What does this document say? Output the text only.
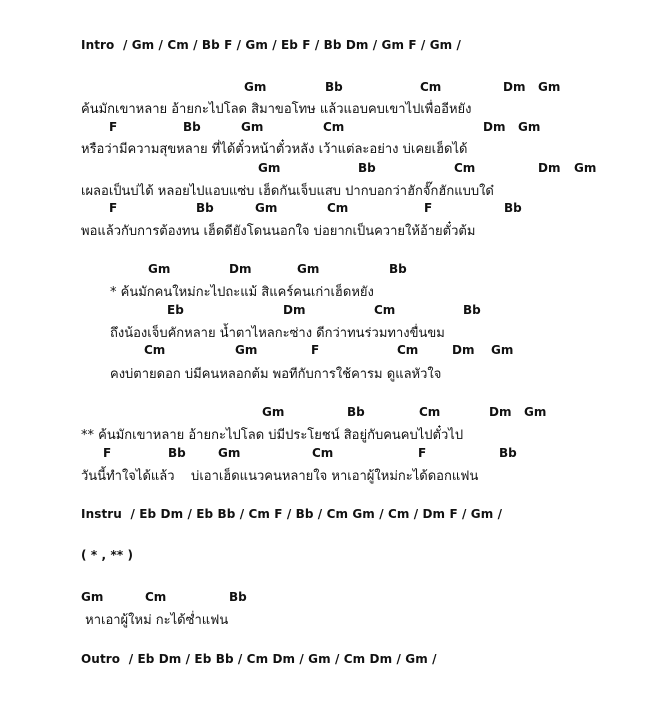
Intro  / Gm / Cm / Bb F / Gm / Eb F / Bb Dm / Gm F / Gm /
Gm	Bb	Cm	Dm Gm
ค้นมักเขาหลาย อ้ายกะไปโลด สิมาขอโทษ แล้วแอบคบเขาไปเพื่ออีหยัง
F	Bb	Gm	Cm	Dm Gm
หรือว่ามีความสุขหลาย ที่ได้ตั๋วหน้าตั๋วหลัง เว้าแต่ละอย่าง บ่เคยเฮ็ดได้
Gm	Bb	Cm	Dm Gm
เผลอเป็นบ่ได้ หลอยไปแอบแซ่บ เฮ็ดกันเจ็บแสบ ปากบอกว่าฮักจั๊กฮักแบบใด๋
F	Bb	Gm	Cm	F	Bb
พอแล้วกับการต้องทน เฮ็ดดียังโดนนอกใจ บ่อยากเป็นควายให้อ้ายตั๋วต้ม
Gm	Dm	Gm	Bb
* ค้นมักคนใหม่กะไปถะแม้ สิแคร์คนเก่าเฮ็ดหยัง
Eb	Dm	Cm	Bb
ถึงน้องเจ็บคักหลาย น้ำตาไหลกะซ่าง ดีกว่าทนร่วมทางขื่นขม
Cm	Gm	F	Cm	Dm Gm
คงบ่ตายดอก บ่มีคนหลอกต้ม พอทีกับการใช้คารม ดูแลหัวใจ
Gm	Bb	Cm	Dm Gm
** ค้นมักเขาหลาย อ้ายกะไปโลด บ่มีประโยชน์ สิอยู่กับคนคบไปตั๋วไป
F	Bb	Gm	Cm	F	Bb
วันนี้ทำใจได้แล้ว    บ่เอาเฮ็ดแนวคนหลายใจ หาเอาผู้ใหม่กะได้ดอกแฟน
Instru  / Eb Dm / Eb Bb / Cm F / Bb / Cm Gm / Cm / Dm F / Gm /
( * , ** )
Gm	Cm	Bb
หาเอาผู้ใหม่ กะได้ซ่ำแฟน
Outro  / Eb Dm / Eb Bb / Cm Dm / Gm / Cm Dm / Gm /
